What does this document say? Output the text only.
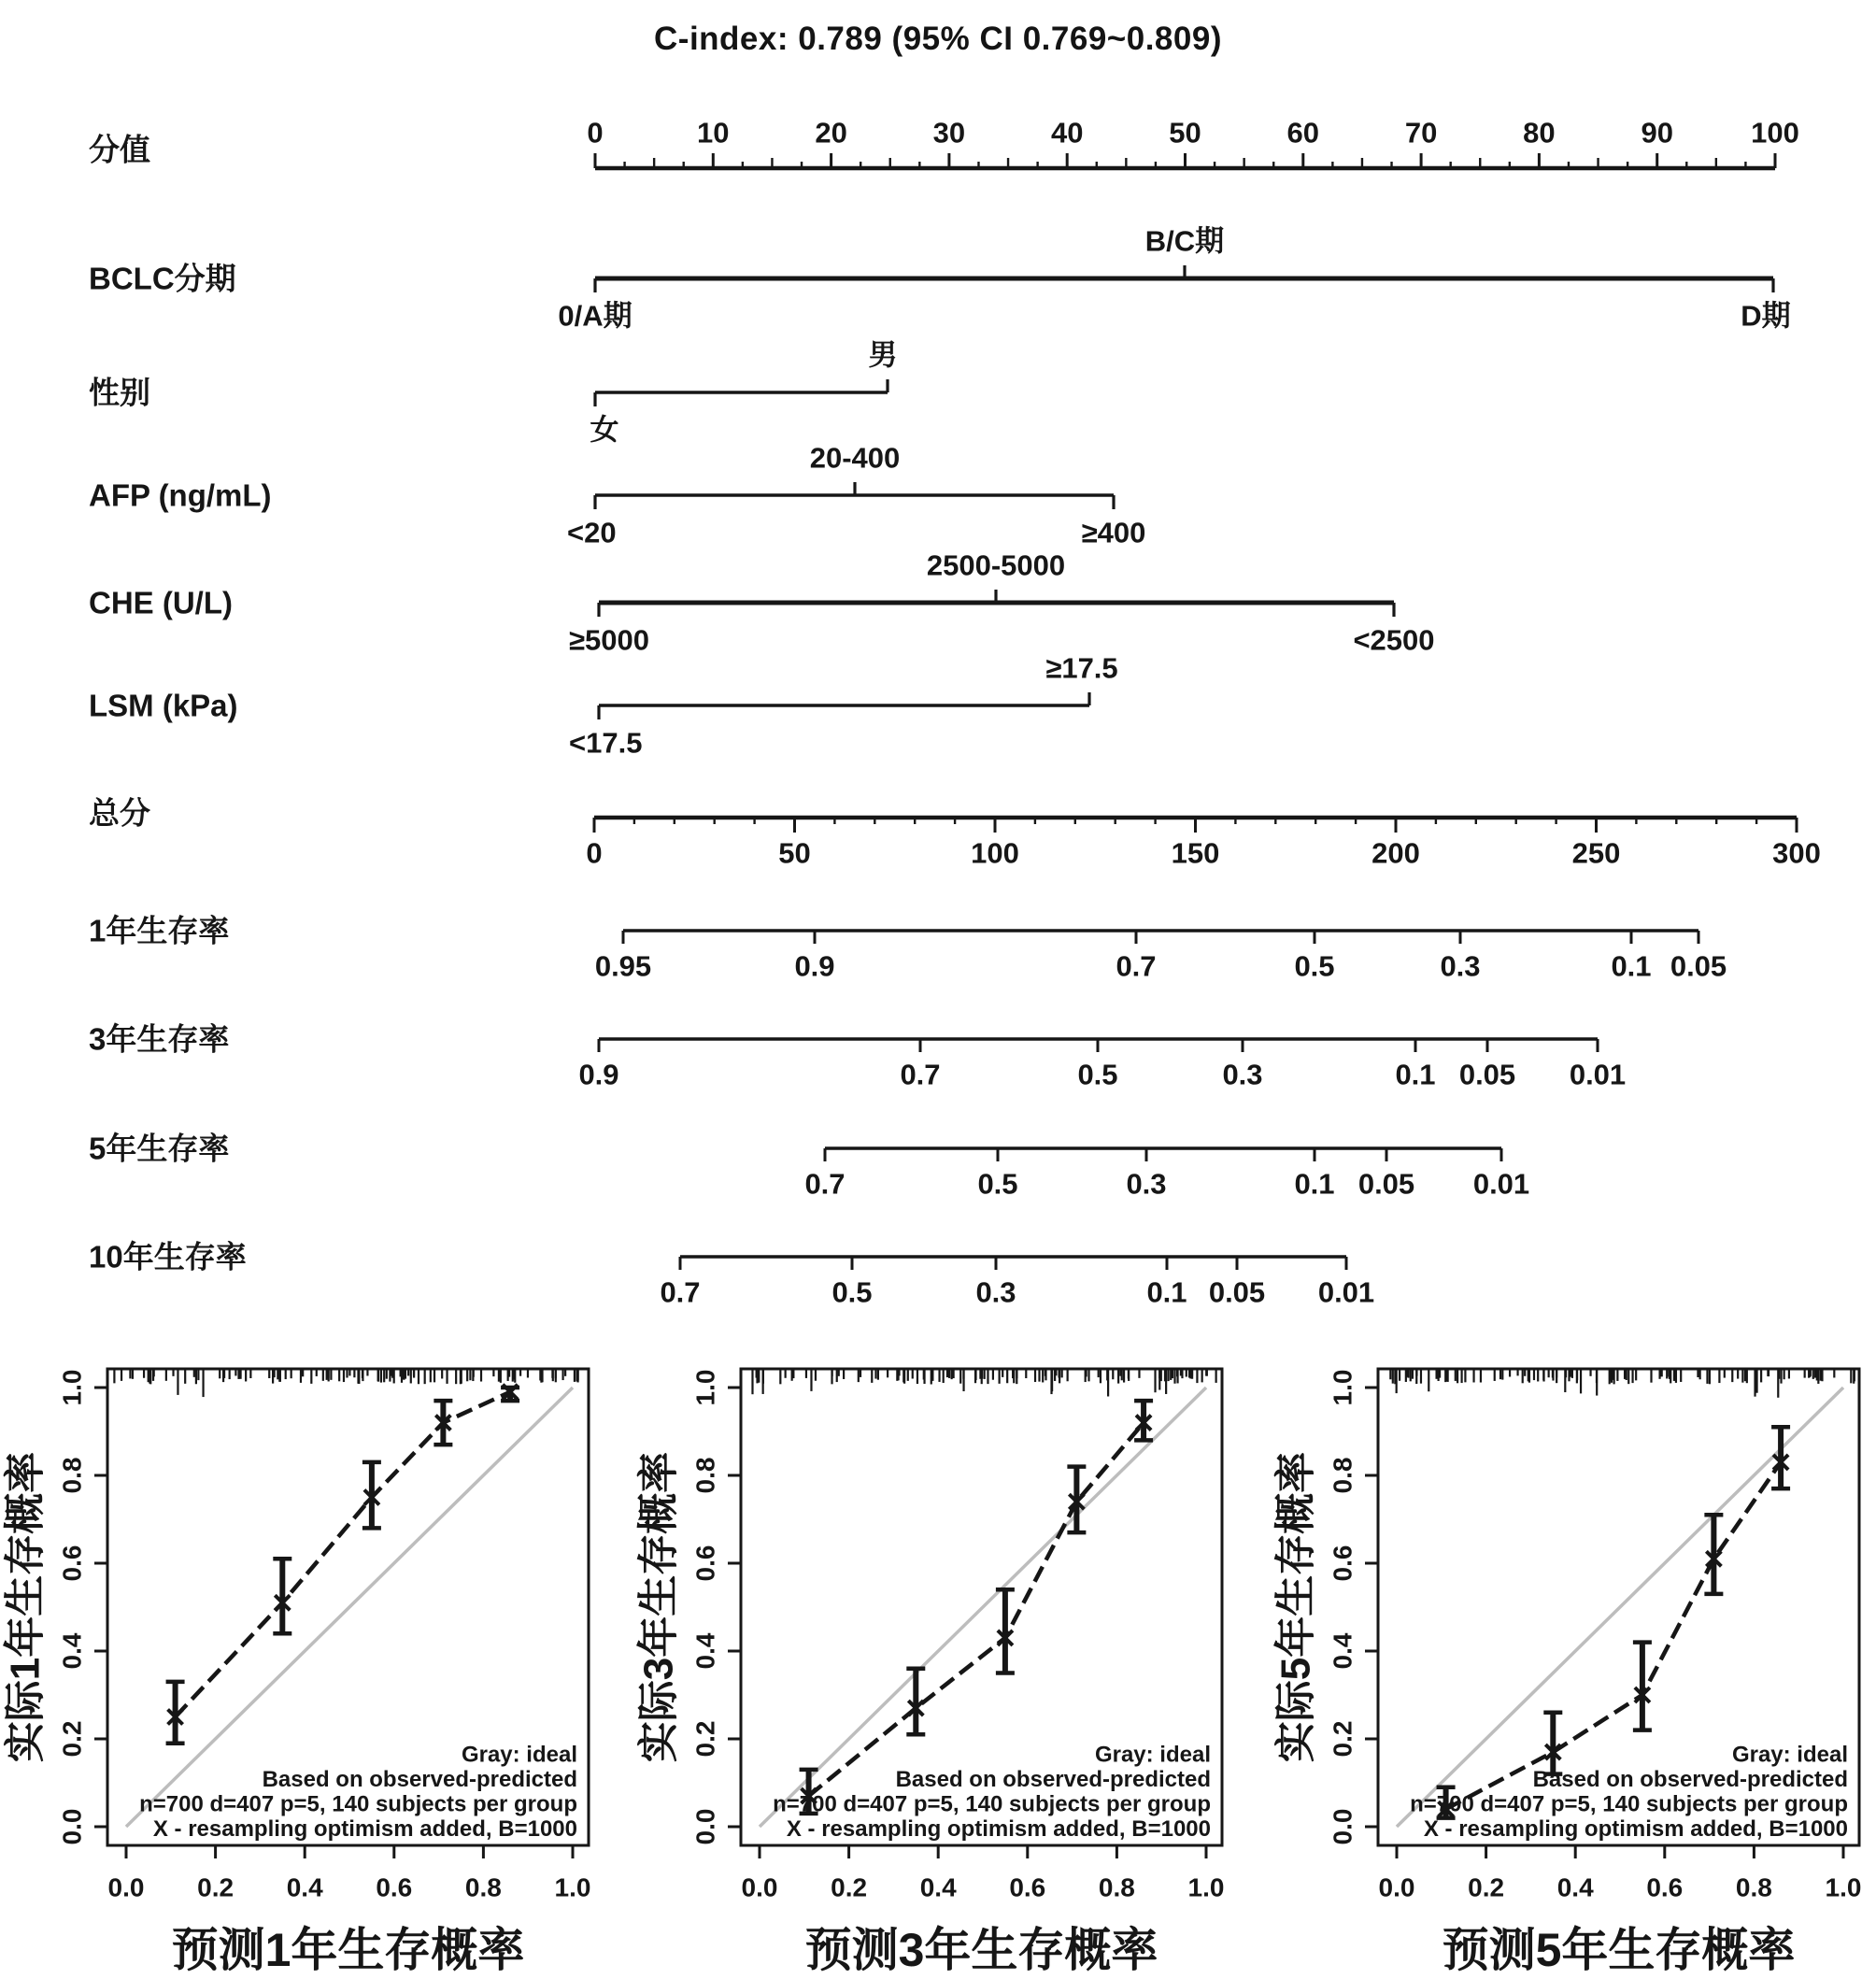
C-index: 0.789 (95% CI 0.769~0.809)
分值	0	10	20	30	40	50	60	70	80	90	100
BCLC分期
0/A期	D期
B/C期
性别
女
男
AFP (ng/mL)
<20	≥400
20-400
CHE (U/L)
≥5000	<2500
2500-5000
LSM (kPa)
<17.5
≥17.5
总分
0	50	100	150	200	250	300
1年生存率
0.95	0.9	0.7	0.5	0.3	0.1 0.05
3年生存率
0.9	0.7	0.5	0.3	0.1 0.05 0.01
5年生存率
0.7	0.5	0.3	0.1 0.05 0.01
10年生存率
0.7	0.5	0.3	0.1 0.05 0.01
0.0 0.2 0.4 0.6 0.8 1.0
0.0
0.2
0.4
0.6
0.8
1.0
预测1年生存概率
实际1年生存概率	Gray: ideal
Based on observed-predicted
n=700 d=407 p=5, 140 subjects per group
X - resampling optimism added, B=1000
0.0 0.2 0.4 0.6 0.8 1.0
0.0
0.2
0.4
0.6
0.8
1.0
预测3年生存概率
实际3年生存概率	Gray: ideal
Based on observed-predicted
n=700 d=407 p=5, 140 subjects per group
X - resampling optimism added, B=1000
0.0 0.2 0.4 0.6 0.8 1.0
0.0
0.2
0.4
0.6
0.8
1.0
预测5年生存概率
实际5年生存概率	Gray: ideal
Based on observed-predicted
n=700 d=407 p=5, 140 subjects per group
X - resampling optimism added, B=1000
